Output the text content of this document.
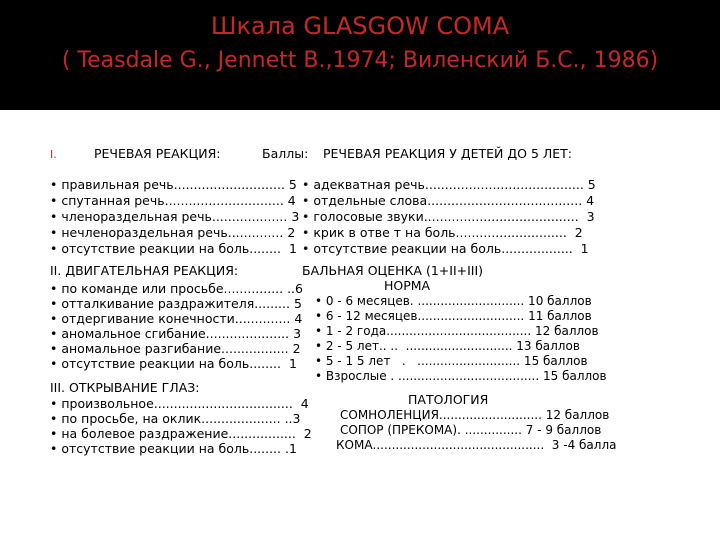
Шкала GLASGOW COMA
( Teasdale G., Jennett B.,1974; Виленский Б.С., 1986)
I.	РЕЧЕВАЯ РЕАКЦИЯ:	Баллы: РЕЧЕВАЯ РЕАКЦИЯ У ДЕТЕЙ ДО 5 ЛЕТ:
• правильная речь............................ 5
• спутанная речь.............................. 4
• членораздельная речь................... 3
• нечленораздельная речь.............. 2
• отсутствие реакции на боль........  1
• адекватная речь........................................ 5
• отдельные слова....................................... 4
• голосовые звуки.......................................  3
• крик в отве т на боль............................  2
• отсутствие реакции на боль..................  1
II. ДВИГАТЕЛЬНАЯ РЕАКЦИЯ:
• по команде или просьбе............... ..6
• отталкивание раздражителя......... 5
• отдергивание конечности.............. 4
• аномальное сгибание..................... 3
• аномальное разгибание................. 2
• отсутствие реакции на боль........  1
БАЛЬНАЯ ОЦЕНКА (1+II+III)
НОРМА
• 0 - 6 месяцев. ............................ 10 баллов
• 6 - 12 месяцев............................ 11 баллов
• 1 - 2 года...................................... 12 баллов
• 2 - 5 лет.. ..  ............................ 13 баллов
• 5 - 1 5 лет   .   ........................... 15 баллов
• Взрослые . ..................................... 15 баллов
III. ОТКРЫВАНИЕ ГЛАЗ:
• произвольное...................................  4
• по просьбе, на оклик.................... ..3
• на болевое раздражение.................  2
• отсутствие реакции на боль........ .1
ПАТОЛОГИЯ
СОМНОЛЕНЦИЯ........................... 12 баллов
СОПОР (ПРЕКОМА). ............... 7 - 9 баллов
КОМА.............................................  3 -4 балла
